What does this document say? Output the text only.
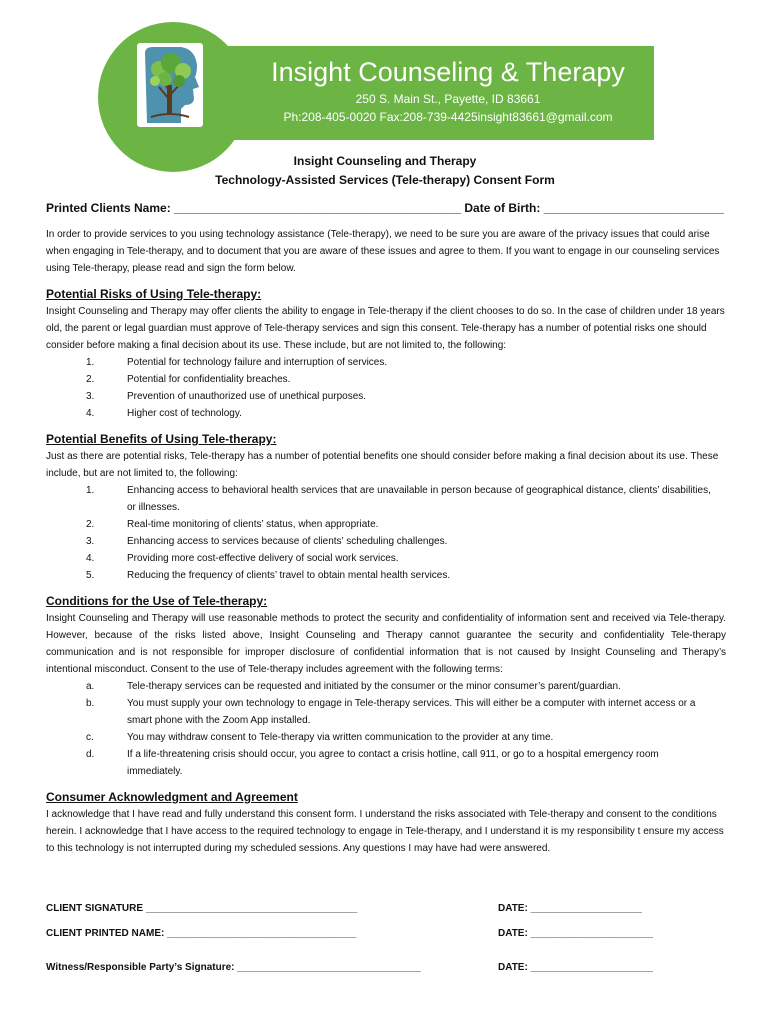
Insight Counseling & Therapy
250 S. Main St., Payette, ID 83661
Ph:208-405-0020 Fax:208-739-4425insight83661@gmail.com
Insight Counseling and Therapy
Technology-Assisted Services (Tele-therapy) Consent Form
Printed Clients Name: ___________________________________________ Date of Birth: ___________________________

In order to provide services to you using technology assistance (Tele-therapy), we need to be sure you are aware of the privacy issues that could arise when engaging in Tele-therapy, and to document that you are aware of these issues and agree to them. If you want to engage in our counseling services using Tele-therapy, please read and sign the form below.

Potential Risks of Using Tele-therapy:

Insight Counseling and Therapy may offer clients the ability to engage in Tele-therapy if the client chooses to do so. In the case of children under 18 years old, the parent or legal guardian must approve of Tele-therapy services and sign this consent. Tele-therapy has a number of potential risks one should consider before making a final decision about its use. These include, but are not limited to, the following:

1.	Potential for technology failure and interruption of services.
2.	Potential for confidentiality breaches.
3.	Prevention of unauthorized use of unethical purposes.
4.	Higher cost of technology.
Potential Benefits of Using Tele-therapy:

Just as there are potential risks, Tele-therapy has a number of potential benefits one should consider before making a final decision about its use. These include, but are not limited to, the following:

1.	Enhancing access to behavioral health services that are unavailable in person because of geographical distance, clients’ disabilities, or illnesses.
2.	Real-time monitoring of clients’ status, when appropriate.
3.	Enhancing access to services because of clients’ scheduling challenges.
4.	Providing more cost-effective delivery of social work services.
5.	Reducing the frequency of clients’ travel to obtain mental health services.
Conditions for the Use of Tele-therapy:

Insight Counseling and Therapy will use reasonable methods to protect the security and confidentiality of information sent and received via Tele-therapy. However, because of the risks listed above, Insight Counseling and Therapy cannot guarantee the security and confidentiality Tele-therapy communication and is not responsible for improper disclosure of confidential information that is not caused by Insight Counseling and Therapy’s intentional misconduct. Consent to the use of Tele-therapy includes agreement with the following terms:

a.	Tele-therapy services can be requested and initiated by the consumer or the minor consumer’s parent/guardian.
b.	You must supply your own technology to engage in Tele-therapy services. This will either be a computer with internet access or a smart phone with the Zoom App installed.
c.	You may withdraw consent to Tele-therapy via written communication to the provider at any time.
d.	If a life-threatening crisis should occur, you agree to contact a crisis hotline, call 911, or go to a hospital emergency room immediately.
Consumer Acknowledgment and Agreement

I acknowledge that I have read and fully understand this consent form. I understand the risks associated with Tele-therapy and consent to the conditions herein. I acknowledge that I have access to the required technology to engage in Tele-therapy, and I understand it is my responsibility t ensure my access to this technology is not interrupted during my scheduled sessions. Any questions I may have had were answered.

CLIENT SIGNATURE ______________________________________	DATE: ____________________
CLIENT PRINTED NAME: __________________________________	DATE: ______________________
Witness/Responsible Party’s Signature: _________________________________	DATE: ______________________
